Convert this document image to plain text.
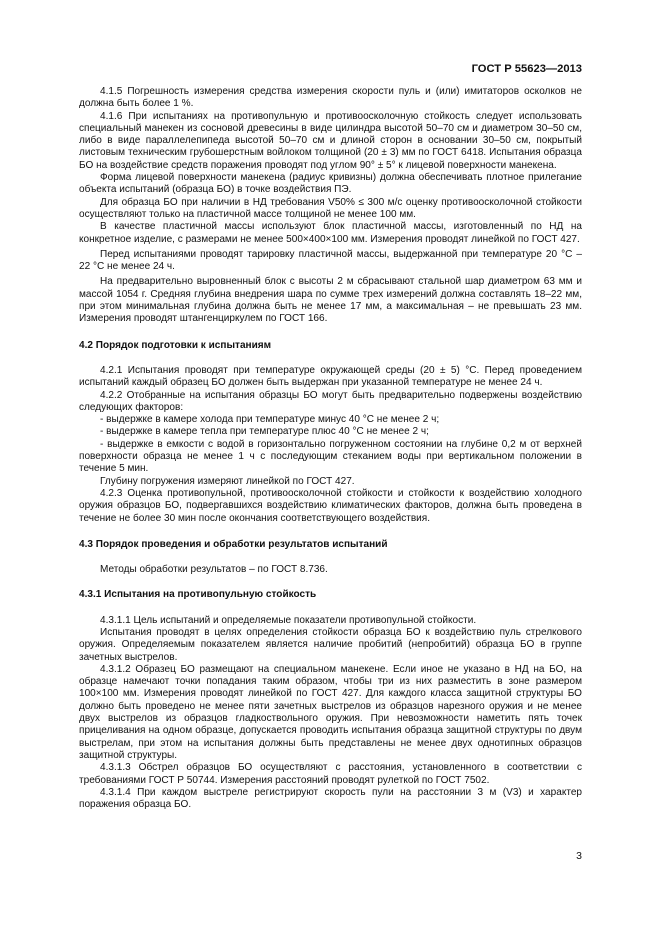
ГОСТ Р 55623—2013

4.1.5 Погрешность измерения средства измерения скорости пуль и (или) имитаторов осколков не должна быть более 1 %.

4.1.6 При испытаниях на противопульную и противоосколочную стойкость следует использовать специальный манекен из сосновой древесины в виде цилиндра высотой 50–70 см и диаметром 30–50 см, либо в виде параллелепипеда высотой 50–70 см и длиной сторон в основании 30–50 см, покрытый листовым техническим грубошерстным войлоком толщиной (20 ± 3) мм по ГОСТ 6418. Испытания образца БО на воздействие средств поражения проводят под углом 90° ± 5° к лицевой поверхности манекена.

Форма лицевой поверхности манекена (радиус кривизны) должна обеспечивать плотное прилегание объекта испытаний (образца БО) в точке воздействия ПЭ.

Для образца БО при наличии в НД требования V50% ≤ 300 м/с оценку противоосколочной стойкости осуществляют только на пластичной массе толщиной не менее 100 мм.

В качестве пластичной массы используют блок пластичной массы, изготовленный по НД на конкретное изделие, с размерами не менее 500×400×100 мм. Измерения проводят линейкой по ГОСТ 427.

Перед испытаниями проводят тарировку пластичной массы, выдержанной при температуре 20 °С – 22 °С не менее 24 ч.

На предварительно выровненный блок с высоты 2 м сбрасывают стальной шар диаметром 63 мм и массой 1054 г. Средняя глубина внедрения шара по сумме трех измерений должна составлять 18–22 мм, при этом минимальная глубина должна быть не менее 17 мм, а максимальная – не превышать 23 мм. Измерения проводят штангенциркулем по ГОСТ 166.

4.2 Порядок подготовки к испытаниям

4.2.1 Испытания проводят при температуре окружающей среды (20 ± 5) °С. Перед проведением испытаний каждый образец БО должен быть выдержан при указанной температуре не менее 24 ч.

4.2.2 Отобранные на испытания образцы БО могут быть предварительно подвержены воздействию следующих факторов:

- выдержке в камере холода при температуре минус 40 °С не менее 2 ч;

- выдержке в камере тепла при температуре плюс 40 °С не менее 2 ч;

- выдержке в емкости с водой в горизонтально погруженном состоянии на глубине 0,2 м от верхней поверхности образца не менее 1 ч с последующим стеканием воды при вертикальном положении в течение 5 мин.

Глубину погружения измеряют линейкой по ГОСТ 427.

4.2.3 Оценка противопульной, противоосколочной стойкости и стойкости к воздействию холодного оружия образцов БО, подвергавшихся воздействию климатических факторов, должна быть проведена в течение не более 30 мин после окончания соответствующего воздействия.

4.3 Порядок проведения и обработки результатов испытаний

Методы обработки результатов – по ГОСТ 8.736.

4.3.1 Испытания на противопульную стойкость

4.3.1.1 Цель испытаний и определяемые показатели противопульной стойкости.

Испытания проводят в целях определения стойкости образца БО к воздействию пуль стрелкового оружия. Определяемым показателем является наличие пробитий (непробитий) образца БО в группе зачетных выстрелов.

4.3.1.2 Образец БО размещают на специальном манекене. Если иное не указано в НД на БО, на образце намечают точки попадания таким образом, чтобы три из них разместить в зоне размером 100×100 мм. Измерения проводят линейкой по ГОСТ 427. Для каждого класса защитной структуры БО должно быть проведено не менее пяти зачетных выстрелов из образцов нарезного оружия и не менее двух выстрелов из образцов гладкоствольного оружия. При невозможности наметить пять точек прицеливания на одном образце, допускается проводить испытания образца защитной структуры по двум выстрелам, при этом на испытания должны быть представлены не менее двух однотипных образцов защитной структуры.

4.3.1.3 Обстрел образцов БО осуществляют с расстояния, установленного в соответствии с требованиями ГОСТ Р 50744. Измерения расстояний проводят рулеткой по ГОСТ 7502.

4.3.1.4 При каждом выстреле регистрируют скорость пули на расстоянии 3 м (V3) и характер поражения образца БО.

3
